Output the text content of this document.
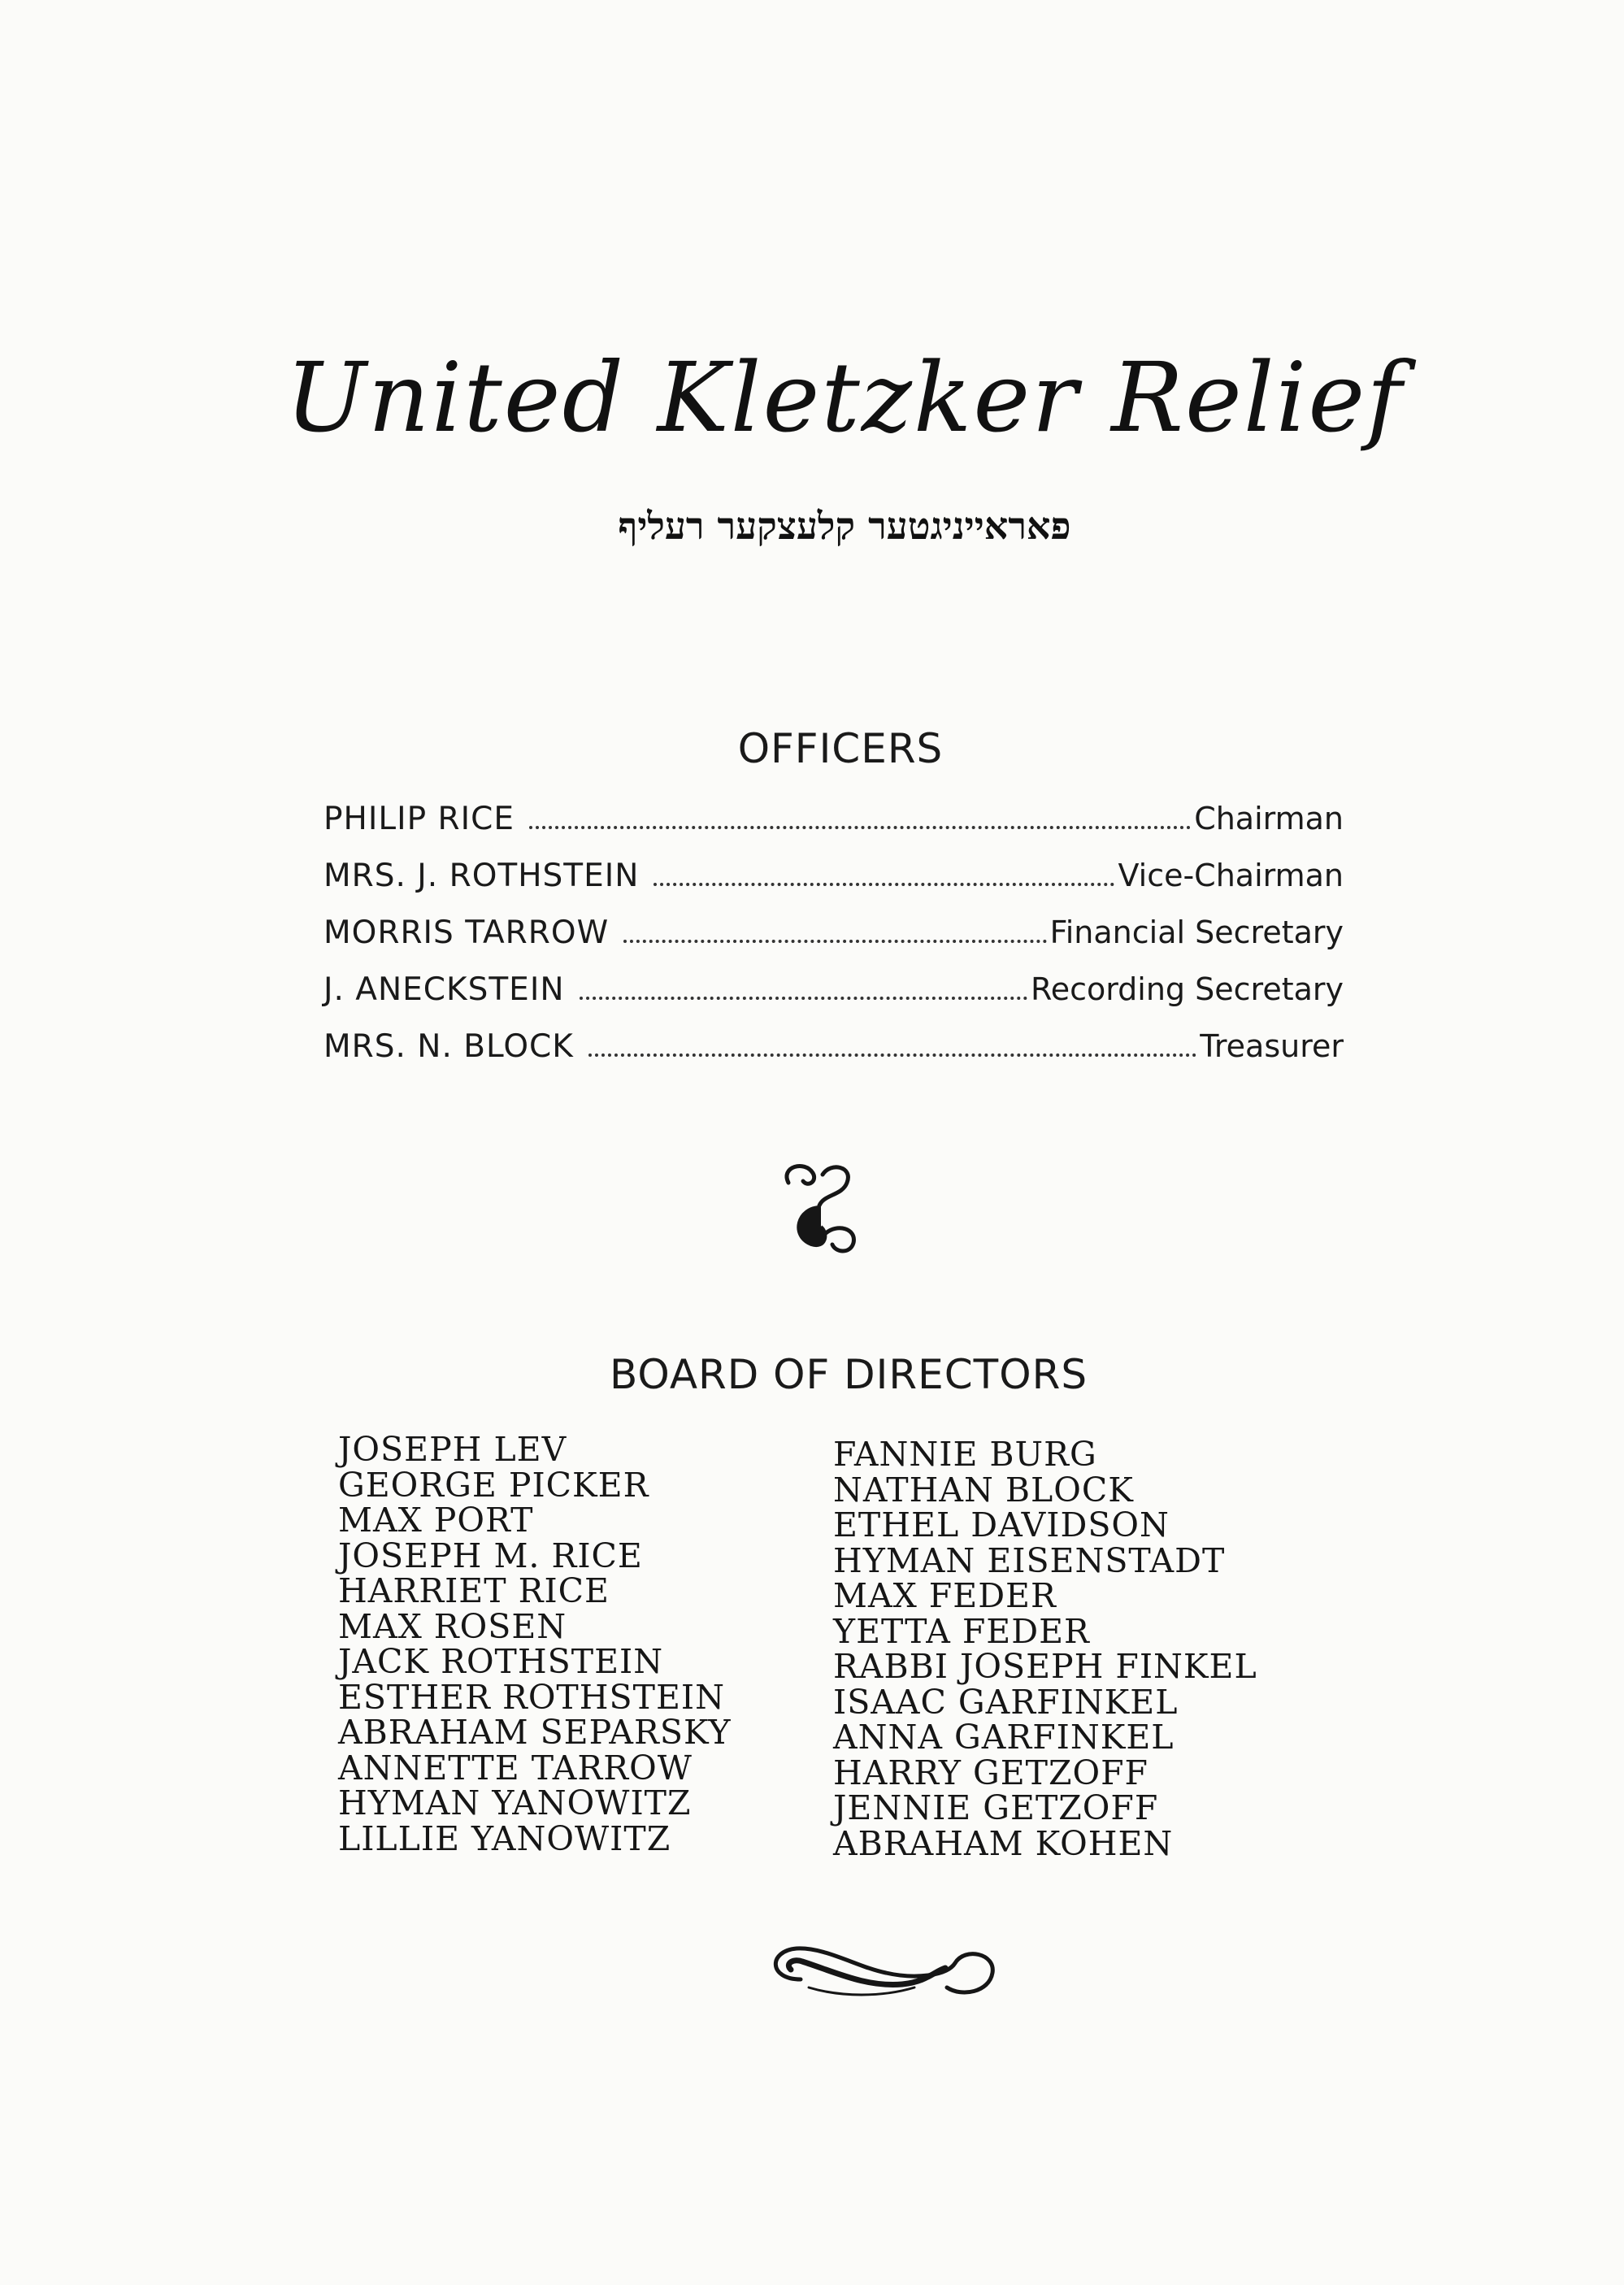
United Kletzker Relief
פאראייניגטער קלעצקער רעליף
OFFICERS
PHILIP RICE	Chairman
MRS. J. ROTHSTEIN	Vice-Chairman
MORRIS TARROW	Financial Secretary
J. ANECKSTEIN	Recording Secretary
MRS. N. BLOCK	Treasurer
BOARD OF DIRECTORS
JOSEPH LEV
GEORGE PICKER
MAX PORT
JOSEPH M. RICE
HARRIET RICE
MAX ROSEN
JACK ROTHSTEIN
ESTHER ROTHSTEIN
ABRAHAM SEPARSKY
ANNETTE TARROW
HYMAN YANOWITZ
LILLIE YANOWITZ
FANNIE BURG
NATHAN BLOCK
ETHEL DAVIDSON
HYMAN EISENSTADT
MAX FEDER
YETTA FEDER
RABBI JOSEPH FINKEL
ISAAC GARFINKEL
ANNA GARFINKEL
HARRY GETZOFF
JENNIE GETZOFF
ABRAHAM KOHEN
